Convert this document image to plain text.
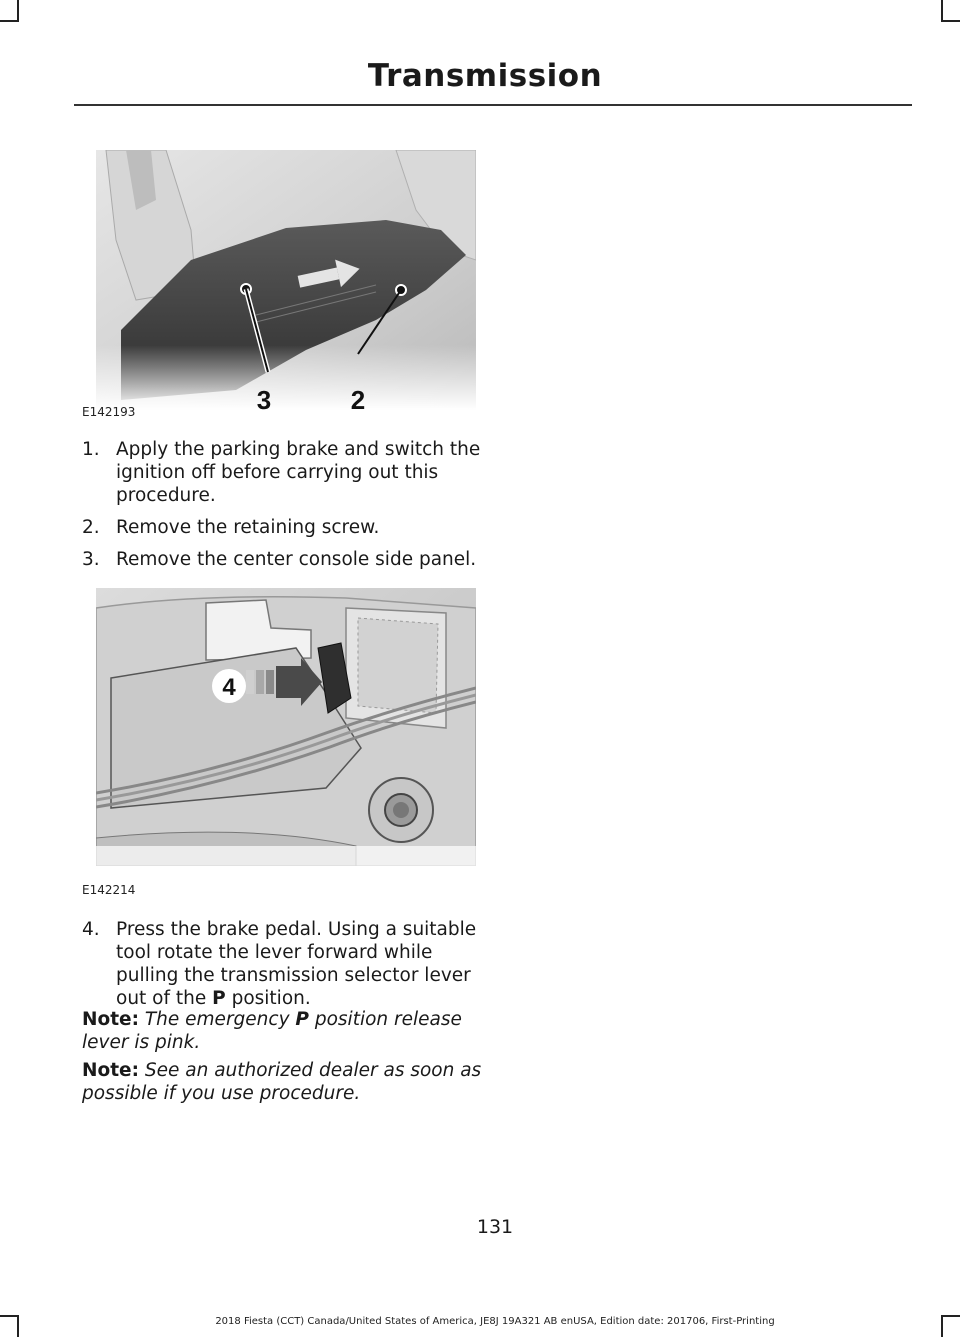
Transmission
3	2
E142193
1. Apply the parking brake and switch the ignition off before carrying out this procedure.
2. Remove the retaining screw.
3. Remove the center console side panel.
4
E142214
4. Press the brake pedal. Using a suitable tool rotate the lever forward while pulling the transmission selector lever out of the P position.

Note: The emergency P position release lever is pink.

Note: See an authorized dealer as soon as possible if you use procedure.

131
2018 Fiesta (CCT) Canada/United States of America, JE8J 19A321 AB enUSA, Edition date: 201706, First-Printing
